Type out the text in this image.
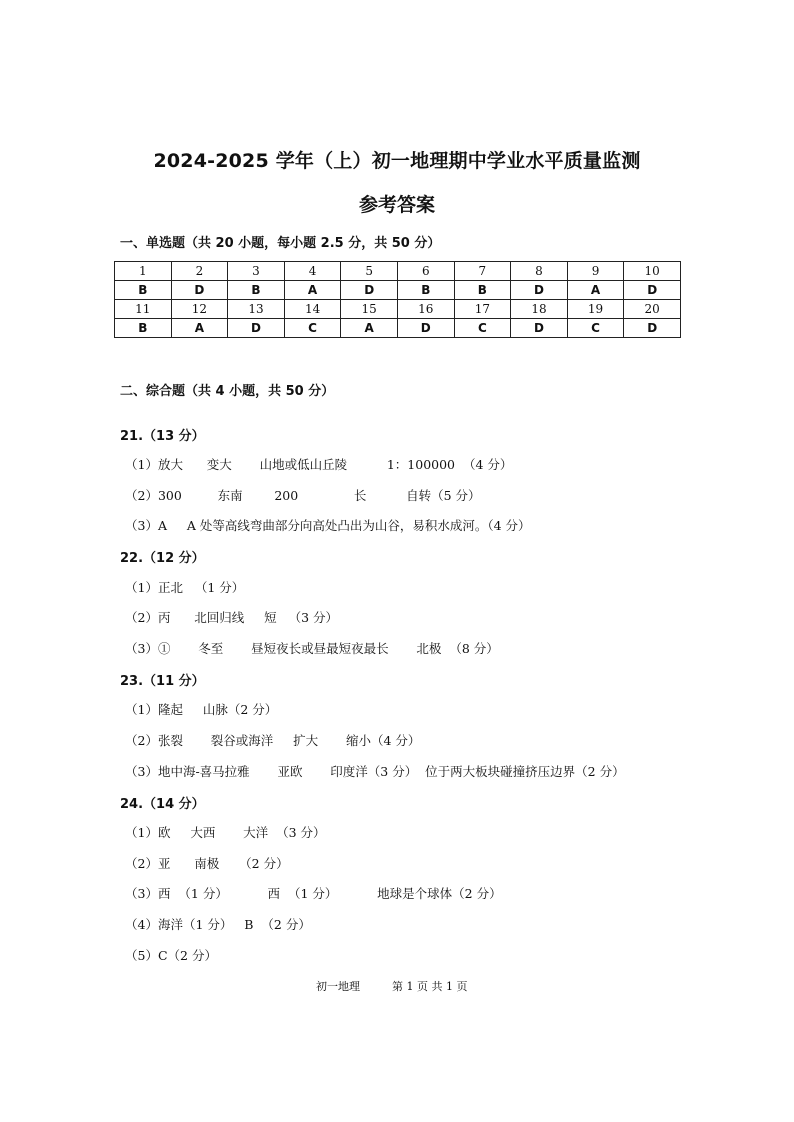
2024-2025 学年（上）初一地理期中学业水平质量监测
参考答案
一、单选题（共 20 小题，每小题 2.5 分，共 50 分）
1	2	3	4	5	6	7	8	9	10
B	D	B	A	D	B	B	D	A	D
11	12	13	14	15	16	17	18	19	20
B	A	D	C	A	D	C	D	C	D
二、综合题（共 4 小题，共 50 分）
21.（13 分）
（1）放大      变大       山地或低山丘陵          1：100000  （4 分）
（2）300         东南        200              长          自转（5 分）
（3）A     A 处等高线弯曲部分向高处凸出为山谷，易积水成河。（4 分）
22.（12 分）
（1）正北   （1 分）
（2）丙      北回归线     短   （3 分）
（3）①       冬至       昼短夜长或昼最短夜最长       北极  （8 分）
23.（11 分）
（1）隆起     山脉（2 分）
（2）张裂       裂谷或海洋     扩大       缩小（4 分）
（3）地中海-喜马拉雅       亚欧       印度洋（3 分）  位于两大板块碰撞挤压边界（2 分）
24.（14 分）
（1）欧     大西       大洋  （3 分）
（2）亚      南极     （2 分）
（3）西  （1 分）          西  （1 分）          地球是个球体（2 分）
（4）海洋（1 分）   B  （2 分）
（5）C（2 分）
初一地理	第 1 页 共 1 页
